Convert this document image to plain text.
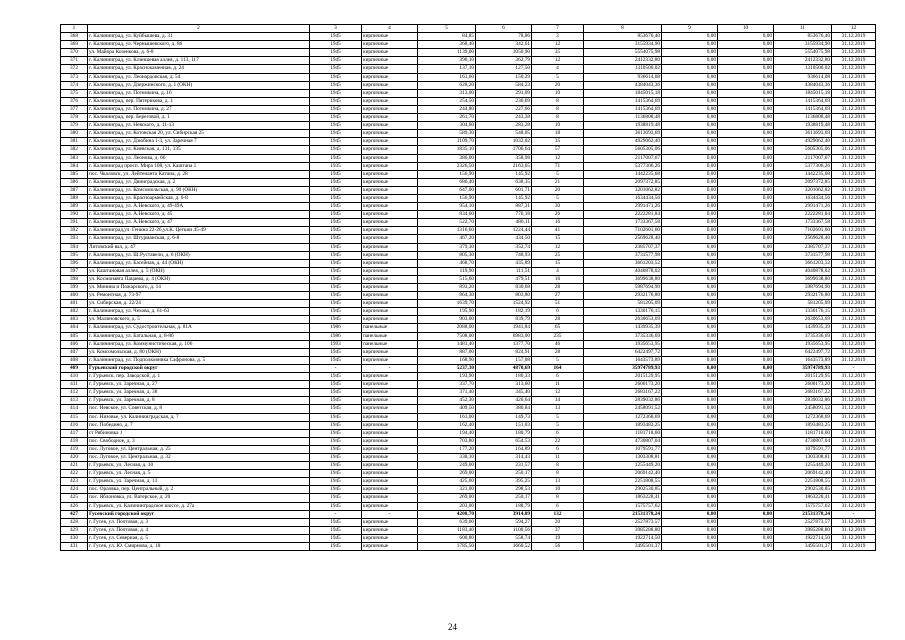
1	2	3	4	5	6	7	8	9	10	11	12
368	г. Калининград, ул. Куйбышева, д. 31	1945	кирпичные	84,85	78,86	3	853676,40	0,00	0,00	853676,40	31.12.2019
369	г. Калининград, ул. Чернышевского, д. 86	1945	кирпичные	368,40	342,61	12	3155934,90	0,00	0,00	3155934,90	31.12.2019
370	ул. Майора Козенкова, д. 6-8	1945	кирпичные	1139,00	1050,90	35	5554075,98	0,00	0,00	5554075,98	31.12.2019
371	г. Калининград, ул. Клиншевая аллея, д. 113, 117	1945	кирпичные	390,10	362,79	12	2412332,80	0,00	0,00	2412332,80	31.12.2019
372	г. Калининград, ул. Краснокаменная, д. 24	1945	кирпичные	137,10	127,50	4	1310500,02	0,00	0,00	1310500,02	31.12.2019
373	г. Калининград, ул. Леонардовская, д. 54	1945	кирпичные	161,60	150,29	5	936614,08	0,00	0,00	936614,08	31.12.2019
374	г. Калининград, ул. Дзержинского, д. 1 (ОКН)	1945	кирпичные	628,20	584,23	20	4384043,36	0,00	0,00	4384043,36	31.12.2019
375	г. Калининград, ул. Потемкина, д. 16	1945	кирпичные	313,00	291,09	10	1845015,18	0,00	0,00	1845015,18	31.12.2019
376	г. Калининград, пер. Пятерикова, д. 1	1945	кирпичные	254,50	236,69	8	1415364,69	0,00	0,00	1415364,69	31.12.2019
377	г. Калининград, ул. Потемкина, д. 27	1945	кирпичные	244,80	227,66	8	1415364,69	0,00	0,00	1415364,69	31.12.2019
378	г. Калининград, пер. Береговой, д. 1	1945	кирпичные	261,70	243,38	8	1136808,48	0,00	0,00	1136808,48	31.12.2019
379	г. Калининград, ул. Невского, д. 11-13	1945	кирпичные	304,60	283,28	10	1938819,48	0,00	0,00	1938819,48	31.12.2019
380	г. Калининград, ул. Котовская 20, ул. Сибирская 25	1945	кирпичные	589,30	548,05	18	3613693,69	0,00	0,00	3613693,69	31.12.2019
381	г. Калининград, ул. Дзюбина 1-3, ул. Заречная 7	1945	кирпичные	1109,70	1032,02	35	4929062,40	0,00	0,00	4929062,40	31.12.2019
382	г. Калининград, ул. Киевская, д. 131, 135	1945	кирпичные	1835,10	1706,64	57	5605305,06	0,00	0,00	5605305,06	31.12.2019
383	г. Калининград, ул. Леонова, д. 66	1945	кирпичные	386,00	358,98	12	2117007,67	0,00	0,00	2117007,67	31.12.2019
384	г. Калининград просп. Мира 108, ул. Каштана 1	1935	кирпичные	2326,50	2163,65	71	5377306,26	0,00	0,00	5377306,26	31.12.2019
385	пос. Чкаловск, ул. Лейтенанта Катина, д. 28	1945	кирпичные	156,90	145,92	5	1442235,68	0,00	0,00	1442235,68	31.12.2019
386	г. Калининград, ул. Двинградская, д. 2	1945	кирпичные	686,40	638,35	21	2097372,85	0,00	0,00	2097372,85	31.12.2019
387	г. Калининград, ул. Комсомольская, д. 90 (ОКН)	1945	кирпичные	647,00	601,71	20	3201062,82	0,00	0,00	3201062,82	31.12.2019
388	г. Калининград, ул. Красноармейская, д. 6-8	1945	кирпичные	156,90	145,92	5	1634434,56	0,00	0,00	1634434,56	31.12.2019
389	г. Калининград, ул. А.Невского, д. 49-49А	1945	кирпичные	954,10	887,31	30	2991471,26	0,00	0,00	2991471,26	31.12.2019
390	г. Калининград, ул. А.Невского, д. 45	1945	кирпичные	834,60	776,18	26	2222281,84	0,00	0,00	2222281,84	31.12.2019
391	г. Калининград, ул. А.Невского, д. 47	1945	кирпичные	522,70	486,11	16	1733367,58	0,00	0,00	1733367,58	31.12.2019
392	г. Калининград,ул. Генина 22-26,ул.К. Цеткин 45-49	1945	кирпичные	1316,60	1224,44	41	7102601,60	0,00	0,00	7102601,60	31.12.2019
393	г. Калининград, ул. Штурманская, д. 6-8	1945	кирпичные	467,20	434,50	15	2569628,40	0,00	0,00	2569628,40	31.12.2019
394	Литовский вал, д. 47	1945	кирпичные	379,30	352,74	12	2385707,37	0,00	0,00	2385707,37	31.12.2019
395	г. Калининград, ул. Ш.Руставели, д. 6 (ОКН)	1945	кирпичные	805,30	748,93	25	3731577,98	0,00	0,00	3731577,98	31.12.2019
396	г. Калининград, ул. Басейная, д. 44 (ОКН)	1945	кирпичные	468,70	435,89	15	3661203,52	0,00	0,00	3661203,52	31.12.2019
397	ул. Каштановая аллея, д. 5 (ОКН)	1945	кирпичные	119,90	111,51	4	4040878,02	0,00	0,00	4040878,02	31.12.2019
398	ул. Космонавта Пацаева, д. 4 (ОКН)	1945	кирпичные	515,60	479,51	16	3699638,80	0,00	0,00	3699638,80	31.12.2019
399	ул. Минина и Пожарского, д. 14	1945	кирпичные	893,20	830,68	28	5987694,90	0,00	0,00	5987694,90	31.12.2019
400	ул. Ремонтная, д. 73-97	1945	кирпичные	864,30	803,80	27	2932176,80	0,00	0,00	2932176,80	31.12.2019
401	ул. Сибирская, д. 22/24	1945	кирпичные	1639,70	1524,92	51	581205,09	0,00	0,00	581205,09	31.12.2019
402	г. Калининград, ул. Чехова, д. 61-63	1945	кирпичные	195,90	182,19	6	1330176,15	0,00	0,00	1330176,15	31.12.2019
403	ул. Малиновского, д. 5	1945	кирпичные	903,00	839,79	28	2630653,69	0,00	0,00	2630653,69	31.12.2019
404	г. Калининград, ул. Судостроительная, д. 81А	1986	панельные	2088,00	1941,84	65	1439935,39	0,00	0,00	1439935,39	31.12.2019
405	г. Калининград, ул. Батальная, д. 8-8б	1986	панельные	7508,00	6983,00	235	3735336,69	0,00	0,00	3735336,69	31.12.2019
406	г. Калининград, ул. Коммунистическая, д. 106	1993	панельные	1481,40	1377,70	46	1935653,95	0,00	0,00	1935653,95	31.12.2019
407	ул. Комсомольская, д. 80 (ОКН)	1945	кирпичные	887,00	824,91	28	6422497,72	0,00	0,00	6422497,72	31.12.2019
408	г. Калининград, ул. Подполковника Сафронова, д. 5	1945	кирпичные	168,90	157,08	5	1643573,89	0,00	0,00	1643573,89	31.12.2019
409	Гурьевский городской округ	-	-	5237,30	4870,69	164	35974789,93	0,00	0,00	35974789,93	-
410	г. Гурьевск, пер. Заводской, д. 1	1945	кирпичные	193,90	180,33	6	2015129,95	0,00	0,00	2015129,95	31.12.2019
411	г. Гурьевск, ул. Заречная, д. 27	1945	кирпичные	337,70	313,60	11	2600173,20	0,00	0,00	2600173,20	31.12.2019
412	г. Гурьевск, ул. Заречная, д. 38	1945	кирпичные	371,40	345,40	12	2683167,22	0,00	0,00	2683167,22	31.12.2019
413	г. Гурьевск, ул. Заречная, д. 8	1945	кирпичные	452,30	420,64	14	2839032,86	0,00	0,00	2839032,86	31.12.2019
414	пос. Невское, ул. Советская, д. 8	1945	кирпичные	409,50	380,84	13	2458091,52	0,00	0,00	2458091,52	31.12.2019
415	пос. Низовье, ул. Калининградская, д. 7	1945	кирпичные	161,00	149,73	5	1272368,69	0,00	0,00	1272368,69	31.12.2019
416	пос. Победино, д. 7	1945	кирпичные	162,40	151,03	5	1893483,25	0,00	0,00	1893483,25	31.12.2019
417	ст Рябиновка 1	1945	кирпичные	194,40	180,79	6	1181718,60	0,00	0,00	1181718,60	31.12.2019
418	пос. Свободное, д. 3	1945	кирпичные	703,80	654,53	22	4730807,04	0,00	0,00	4730807,04	31.12.2019
419	пос. Луговое, ул. Центральная, д. 25	1945	кирпичные	177,20	164,89	6	1079591,77	0,00	0,00	1079591,77	31.12.2019
420	пос. Луговое, ул. Центральная, д. 32	1945	кирпичные	338,10	314,43	11	1303308,81	0,00	0,00	1303308,81	31.12.2019
421	г. Гурьевск, ул. Лесная, д. 10	1945	кирпичные	249,00	231,57	8	1255449,20	0,00	0,00	1255449,20	31.12.2019
422	г. Гурьевск, ул. Лесная, д. 5	1945	кирпичные	269,00	250,17	8	2069142,40	0,00	0,00	2069142,40	31.12.2019
423	г. Гурьевск, ул. Заречная, д. 13	1945	кирпичные	425,00	395,25	13	2251808,55	0,00	0,00	2251808,55	31.12.2019
424	пос. Орловка, пер. Центральный, д. 2	1945	кирпичные	321,00	298,53	10	2902530,85	0,00	0,00	2902530,85	31.12.2019
425	пос. Яблоновка, ул. Ватерское, д. 20	1945	кирпичные	269,00	250,17	8	1863228,41	0,00	0,00	1863228,41	31.12.2019
426	г. Гурьевск, ул. Калининградское шоссе, д. 27а	1945	кирпичные	203,00	188,79	6	1575757,62	0,00	0,00	1575757,62	31.12.2019
427	Гусевский городской округ	-	-	4208,70	3914,09	132	21531378,24	0,00	0,00	21531378,24	-
428	г. Гусев, ул. Почтовая, д. 3	1945	кирпичные	639,00	594,27	20	2527873,57	0,00	0,00	2527873,57	31.12.2019
429	г. Гусев, ул. Почтовая, д. 4	1945	кирпичные	1183,40	1100,56	37	3985288,80	0,00	0,00	3985288,80	31.12.2019
430	г. Гусев, ул. Северная, д. 5	1945	кирпичные	600,80	558,74	19	1922714,50	0,00	0,00	1922714,50	31.12.2019
431	г. Гусев, ул. Ю. Смирнова, д. 18	1945	кирпичные	1785,50	1660,52	56	3495501,37	0,00	0,00	3495501,37	31.12.2019
24
